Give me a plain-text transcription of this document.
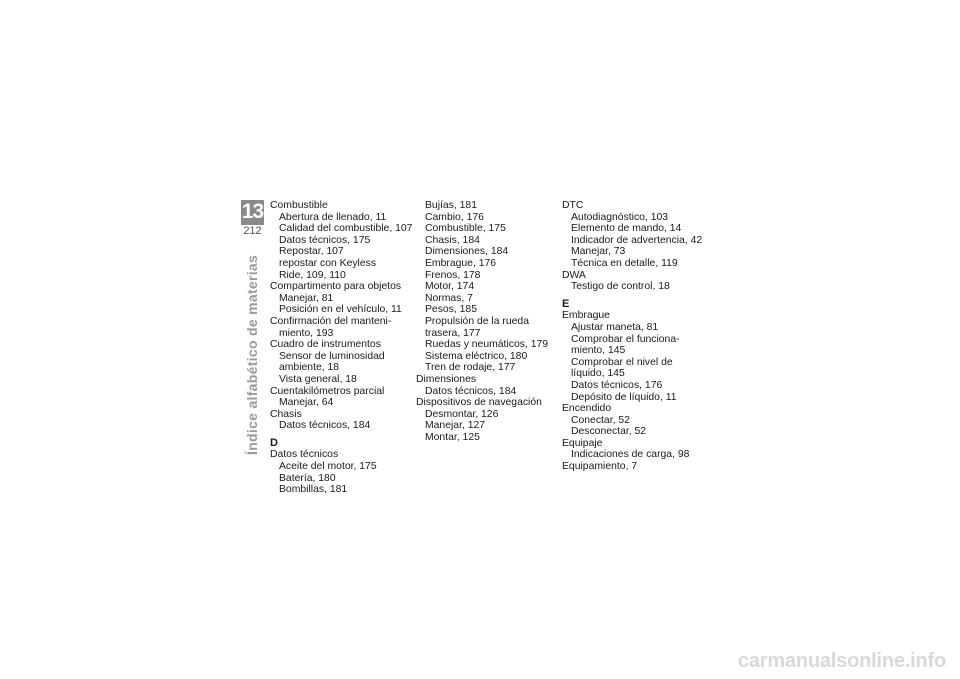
13
212
Índice alfabético de materias
Combustible
Abertura de llenado, 11
Calidad del combustible, 107
Datos técnicos, 175
Repostar, 107
repostar con Keyless
Ride, 109, 110
Compartimento para objetos
Manejar, 81
Posición en el vehículo, 11
Confirmación del manteni-
miento, 193
Cuadro de instrumentos
Sensor de luminosidad
ambiente, 18
Vista general, 18
Cuentakilómetros parcial
Manejar, 64
Chasis
Datos técnicos, 184
D
Datos técnicos
Aceite del motor, 175
Batería, 180
Bombillas, 181
Bujías, 181
Cambio, 176
Combustible, 175
Chasis, 184
Dimensiones, 184
Embrague, 176
Frenos, 178
Motor, 174
Normas, 7
Pesos, 185
Propulsión de la rueda
trasera, 177
Ruedas y neumáticos, 179
Sistema eléctrico, 180
Tren de rodaje, 177
Dimensiones
Datos técnicos, 184
Dispositivos de navegación
Desmontar, 126
Manejar, 127
Montar, 125
DTC
Autodiagnóstico, 103
Elemento de mando, 14
Indicador de advertencia, 42
Manejar, 73
Técnica en detalle, 119
DWA
Testigo de control, 18
E
Embrague
Ajustar maneta, 81
Comprobar el funciona-
miento, 145
Comprobar el nivel de
líquido, 145
Datos técnicos, 176
Depósito de líquido, 11
Encendido
Conectar, 52
Desconectar, 52
Equipaje
Indicaciones de carga, 98
Equipamiento, 7
carmanualsonline.info
